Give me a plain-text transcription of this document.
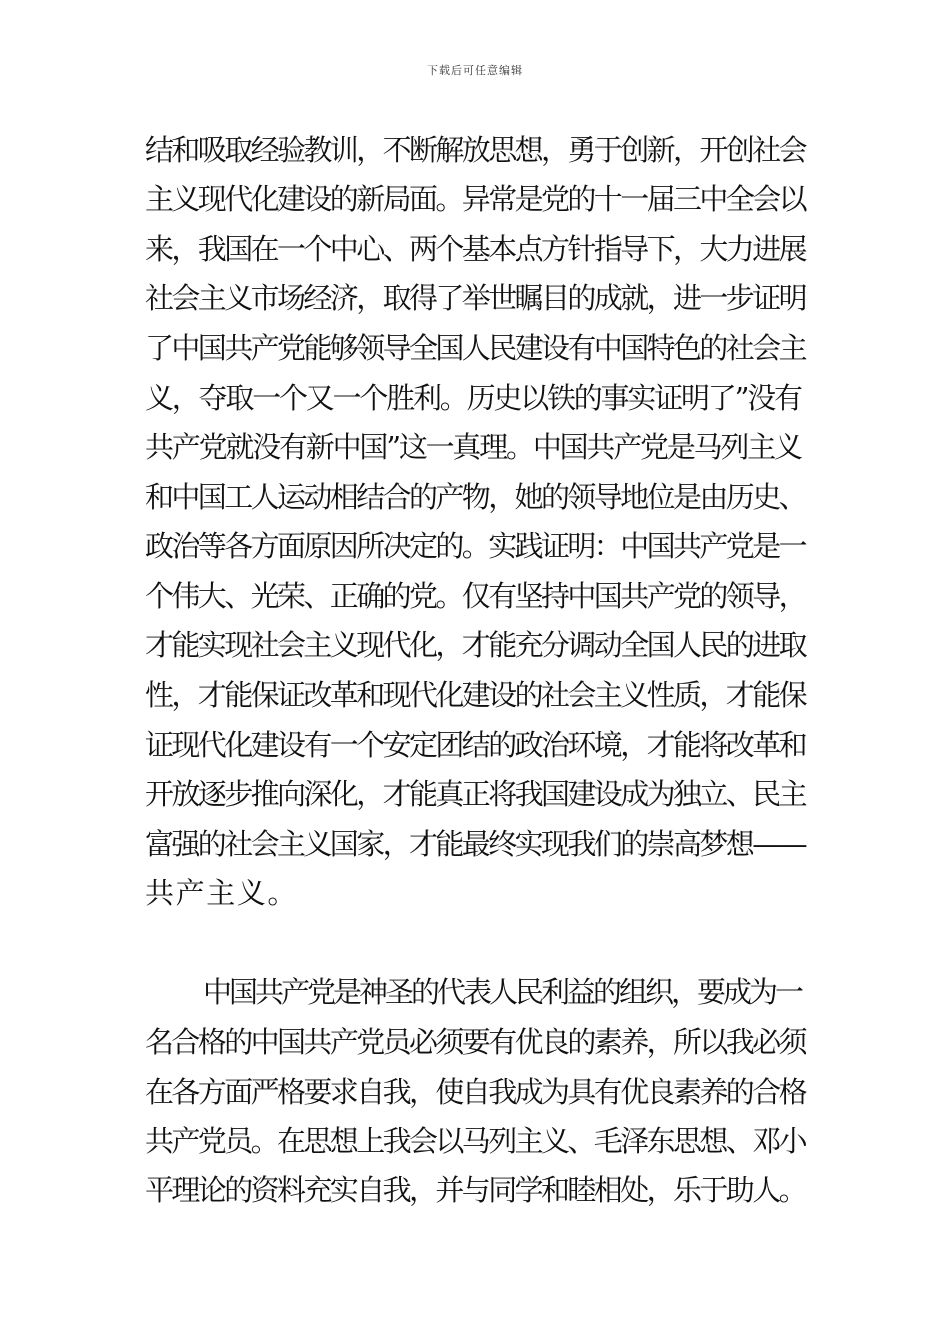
下载后可任意编辑
结和吸取经验教训，不断解放思想，勇于创新，开创社会
主义现代化建设的新局面。异常是党的十一届三中全会以
来，我国在一个中心、两个基本点方针指导下，大力进展
社会主义市场经济，取得了举世瞩目的成就，进一步证明
了中国共产党能够领导全国人民建设有中国特色的社会主
义，夺取一个又一个胜利。历史以铁的事实证明了”没有
共产党就没有新中国”这一真理。中国共产党是马列主义
和中国工人运动相结合的产物，她的领导地位是由历史、
政治等各方面原因所决定的。实践证明：中国共产党是一
个伟大、光荣、正确的党。仅有坚持中国共产党的领导，
才能实现社会主义现代化，才能充分调动全国人民的进取
性，才能保证改革和现代化建设的社会主义性质，才能保
证现代化建设有一个安定团结的政治环境，才能将改革和
开放逐步推向深化，才能真正将我国建设成为独立、民主
富强的社会主义国家，才能最终实现我们的崇高梦想——
共产主义。
中国共产党是神圣的代表人民利益的组织，要成为一
名合格的中国共产党员必须要有优良的素养，所以我必须
在各方面严格要求自我，使自我成为具有优良素养的合格
共产党员。在思想上我会以马列主义、毛泽东思想、邓小
平理论的资料充实自我，并与同学和睦相处，乐于助人。
